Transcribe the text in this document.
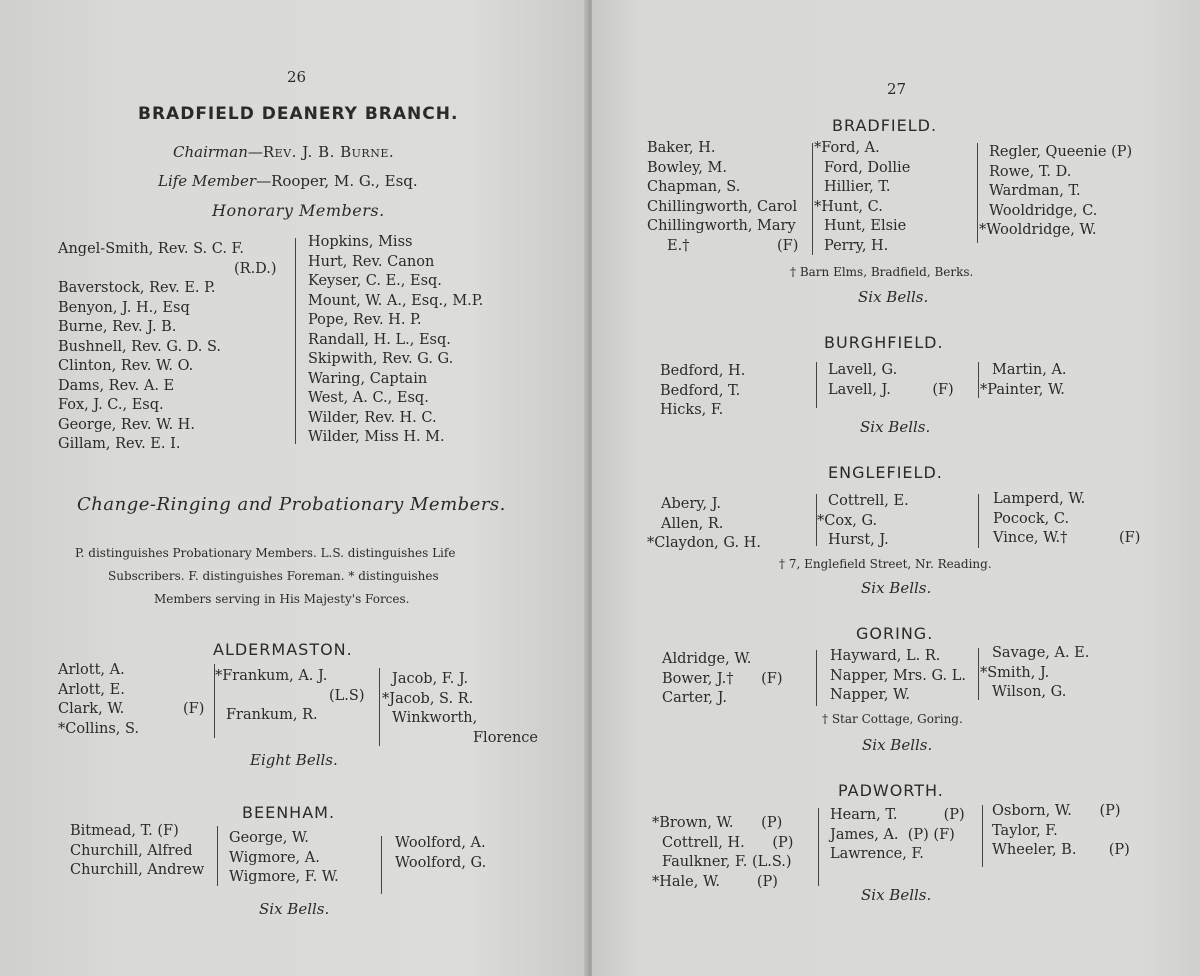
26
BRADFIELD DEANERY BRANCH.
Chairman—Rev. J. B. Burne.
Life Member—Rooper, M. G., Esq.
Honorary Members.
Angel-Smith, Rev. S. C. F.
(R.D.)
Baverstock, Rev. E. P.
Benyon, J. H., Esq
Burne, Rev. J. B.
Bushnell, Rev. G. D. S.
Clinton, Rev. W. O.
Dams, Rev. A. E
Fox, J. C., Esq.
George, Rev. W. H.
Gillam, Rev. E. I.
Hopkins, Miss
Hurt, Rev. Canon
Keyser, C. E., Esq.
Mount, W. A., Esq., M.P.
Pope, Rev. H. P.
Randall, H. L., Esq.
Skipwith, Rev. G. G.
Waring, Captain
West, A. C., Esq.
Wilder, Rev. H. C.
Wilder, Miss H. M.
Change-Ringing and Probationary Members.
P. distinguishes Probationary Members. L.S. distinguishes Life
Subscribers. F. distinguishes Foreman. * distinguishes
Members serving in His Majesty's Forces.
ALDERMASTON.
Arlott, A.
Arlott, E.
Clark, W.	(F)
*Collins, S.
*Frankum, A. J.
(L.S)
Frankum, R.
Jacob, F. J.
*Jacob, S. R.
Winkworth,
Florence
Eight Bells.
BEENHAM.
Bitmead, T. (F)
Churchill, Alfred
Churchill, Andrew
George, W.
Wigmore, A.
Wigmore, F. W.
Woolford, A.
Woolford, G.
Six Bells.
27
BRADFIELD.
Baker, H.
Bowley, M.
Chapman, S.
Chillingworth, Carol
Chillingworth, Mary
E.†	(F)
*Ford, A.
Ford, Dollie
Hillier, T.
*Hunt, C.
Hunt, Elsie
Perry, H.
Regler, Queenie (P)
Rowe, T. D.
Wardman, T.
Wooldridge, C.
*Wooldridge, W.
† Barn Elms, Bradfield, Berks.
Six Bells.
BURGHFIELD.
Bedford, H.
Bedford, T.
Hicks, F.
Lavell, G.
Lavell, J.         (F)
Martin, A.
*Painter, W.
Six Bells.
ENGLEFIELD.
Abery, J.
Allen, R.
*Claydon, G. H.
Cottrell, E.
*Cox, G.
Hurst, J.
Lamperd, W.
Pocock, C.
Vince, W.†	(F)
† 7, Englefield Street, Nr. Reading.
Six Bells.
GORING.
Aldridge, W.
Bower, J.†      (F)
Carter, J.
Hayward, L. R.
Napper, Mrs. G. L.
Napper, W.
Savage, A. E.
*Smith, J.
Wilson, G.
† Star Cottage, Goring.
Six Bells.
PADWORTH.
*Brown, W.      (P)
Cottrell, H.      (P)
Faulkner, F. (L.S.)
*Hale, W.        (P)
Hearn, T.          (P)
James, A.  (P) (F)
Lawrence, F.
Osborn, W.      (P)
Taylor, F.
Wheeler, B.       (P)
Six Bells.
